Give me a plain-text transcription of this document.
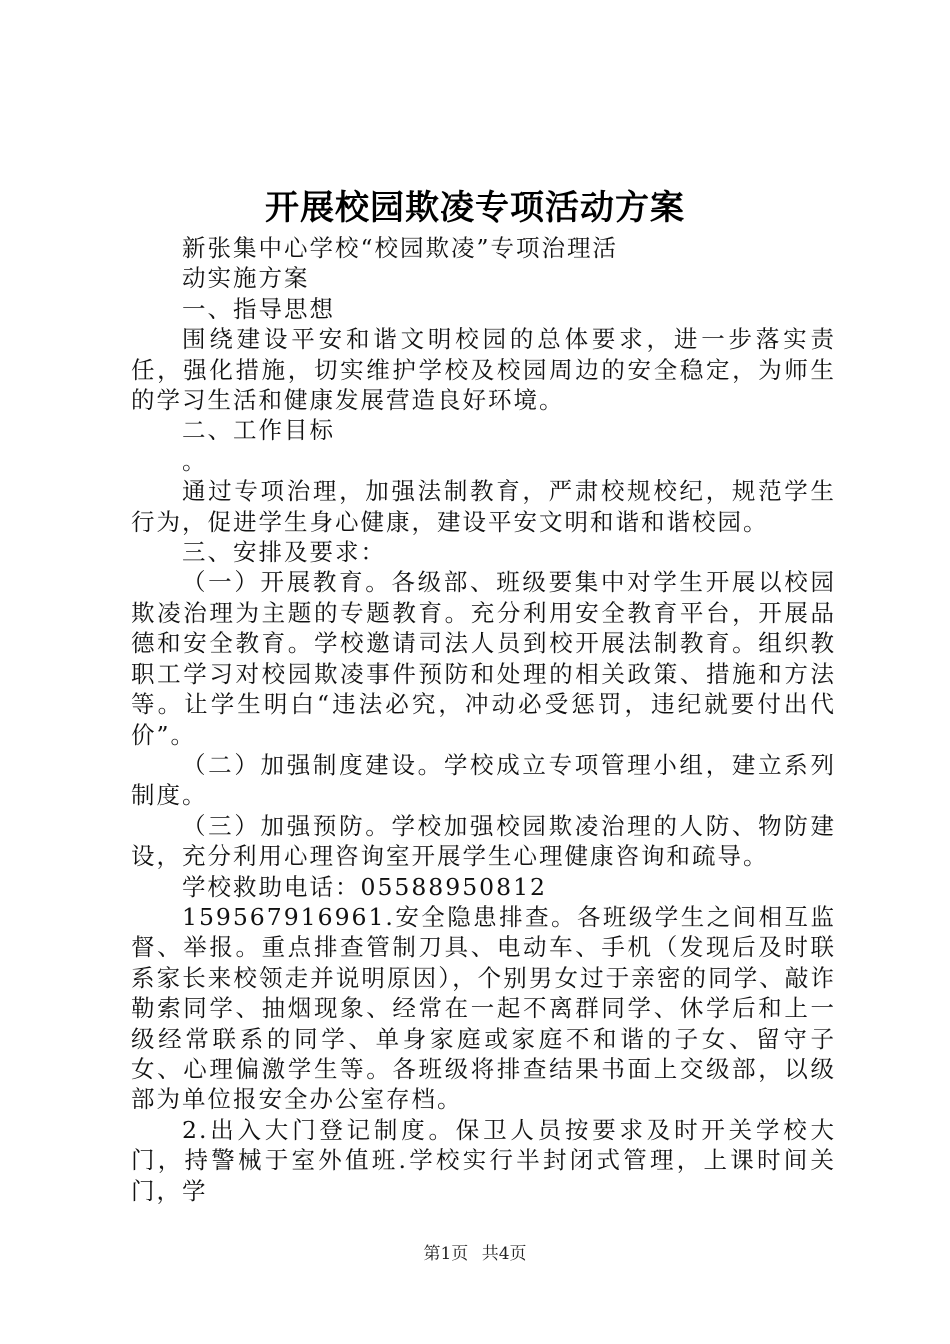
开展校园欺凌专项活动方案

新张集中心学校“校园欺凌”专项治理活

动实施方案

一、指导思想

围绕建设平安和谐文明校园的总体要求，进一步落实责任，强化措施，切实维护学校及校园周边的安全稳定，为师生的学习生活和健康发展营造良好环境。

二、工作目标

。

通过专项治理，加强法制教育，严肃校规校纪，规范学生行为，促进学生身心健康，建设平安文明和谐和谐校园。

三、安排及要求：

（一）开展教育。各级部、班级要集中对学生开展以校园欺凌治理为主题的专题教育。充分利用安全教育平台，开展品德和安全教育。学校邀请司法人员到校开展法制教育。组织教职工学习对校园欺凌事件预防和处理的相关政策、措施和方法等。让学生明白“违法必究，冲动必受惩罚，违纪就要付出代价”。

（二）加强制度建设。学校成立专项管理小组，建立系列制度。

（三）加强预防。学校加强校园欺凌治理的人防、物防建设，充分利用心理咨询室开展学生心理健康咨询和疏导。

学校救助电话：05588950812

159567916961.安全隐患排查。各班级学生之间相互监督、举报。重点排查管制刀具、电动车、手机（发现后及时联系家长来校领走并说明原因），个别男女过于亲密的同学、敲诈勒索同学、抽烟现象、经常在一起不离群同学、休学后和上一级经常联系的同学、单身家庭或家庭不和谐的子女、留守子女、心理偏激学生等。各班级将排查结果书面上交级部，以级部为单位报安全办公室存档。

2.出入大门登记制度。保卫人员按要求及时开关学校大门，持警械于室外值班.学校实行半封闭式管理，上课时间关门，学

第1页 共4页
